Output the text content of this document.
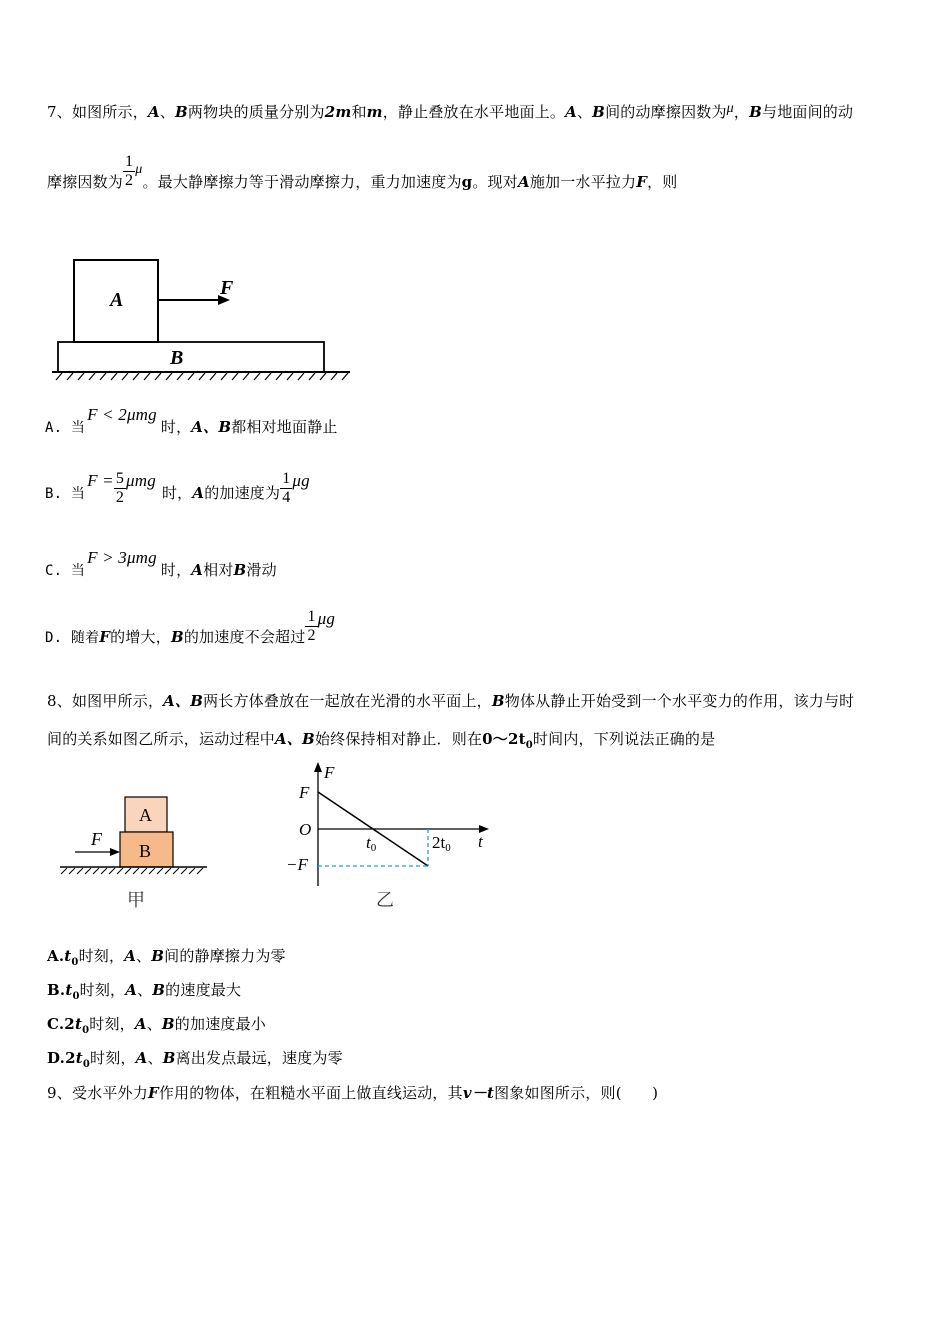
7、如图所示，A、B两物块的质量分别为2m和m，静止叠放在水平地面上。A、B间的动摩擦因数为μ，B与地面间的动
摩擦因数为 $\frac{1}{2}$ μ。最大静摩擦力等于滑动摩擦力，重力加速度为g。现对A施加一水平拉力F，则
A
F
B
A. 当F < 2μmg时，A、B都相对地面静止
B. 当$F = \frac{5}{2}$ μmg时，A的加速度为 $\frac{1}{4}$ μg
C. 当F > 3μmg时，A相对B滑动
D. 随着F的增大，B的加速度不会超过 $\frac{1}{2}$ μg
8、如图甲所示，A、B两长方体叠放在一起放在光滑的水平面上，B物体从静止开始受到一个水平变力的作用，该力与时
间的关系如图乙所示，运动过程中A、B始终保持相对静止．则在$0\sim 2t_0$时间内，下列说法正确的是
A
B
F
甲
F
t
F
O
−F
t0	2t0
乙
$A.t_0$时刻，A、B间的静摩擦力为零
$B.t_0$时刻，A、B的速度最大
$C.2t_0$时刻，A、B的加速度最小
$D.2t_0$时刻，A、B离出发点最远，速度为零
9、受水平外力F作用的物体，在粗糙水平面上做直线运动，其v－t图象如图所示，则(　　)
